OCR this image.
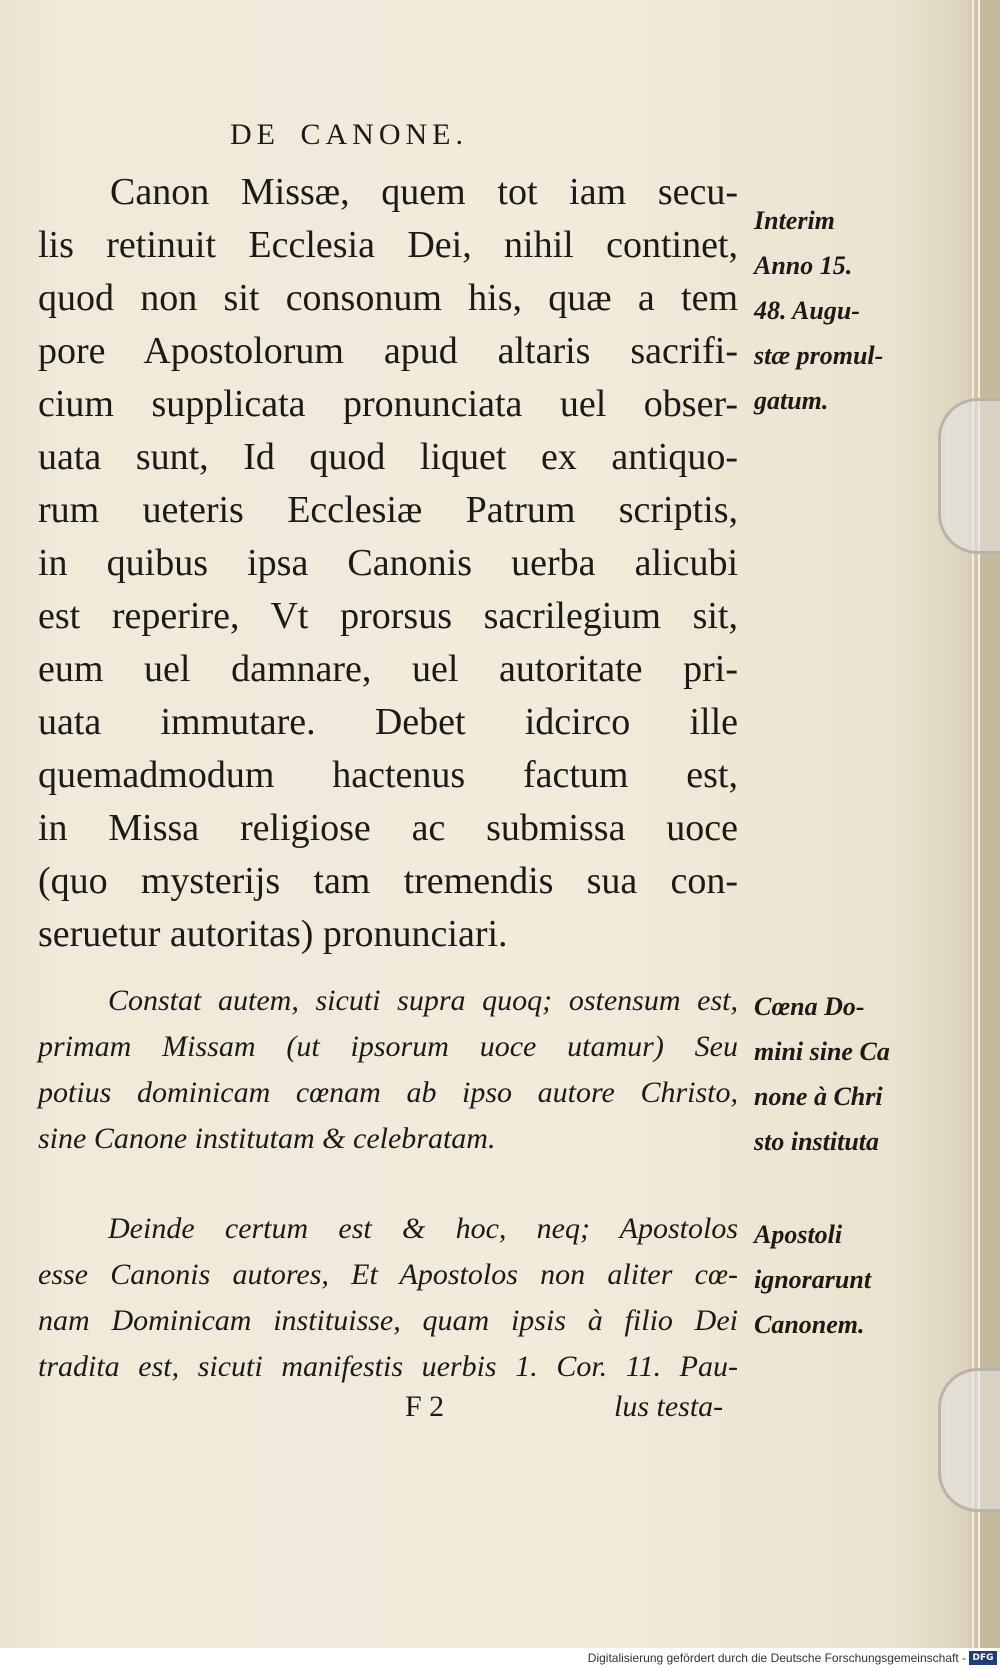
DE CANONE.
Canon Missæ, quem tot iam secu-
lis retinuit Ecclesia Dei, nihil continet,
quod non sit consonum his, quæ a tem
pore Apostolorum apud altaris sacrifi-
cium supplicata pronunciata uel obser-
uata sunt, Id quod liquet ex antiquo-
rum ueteris Ecclesiæ Patrum scriptis,
in quibus ipsa Canonis uerba alicubi
est reperire, Vt prorsus sacrilegium sit,
eum uel damnare, uel autoritate pri-
uata immutare. Debet idcirco ille
quemadmodum hactenus factum est,
in Missa religiose ac submissa uoce
(quo mysterijs tam tremendis sua con-
seruetur autoritas) pronunciari.
Interim
Anno 15.
48. Augu-
stæ promul-
gatum.
Constat autem, sicuti supra quoq; ostensum est,
primam Missam (ut ipsorum uoce utamur) Seu
potius dominicam cœnam ab ipso autore Christo,
sine Canone institutam & celebratam.
Cœna Do-
mini sine Ca
none à Chri
sto instituta
Deinde certum est & hoc, neq; Apostolos
esse Canonis autores, Et Apostolos non aliter cœ-
nam Dominicam instituisse, quam ipsis à filio Dei
tradita est, sicuti manifestis uerbis 1. Cor. 11. Pau-
Apostoli
ignorarunt
Canonem.
F 2	lus testa-
Digitalisierung gefördert durch die Deutsche Forschungsgemeinschaft - DFG
